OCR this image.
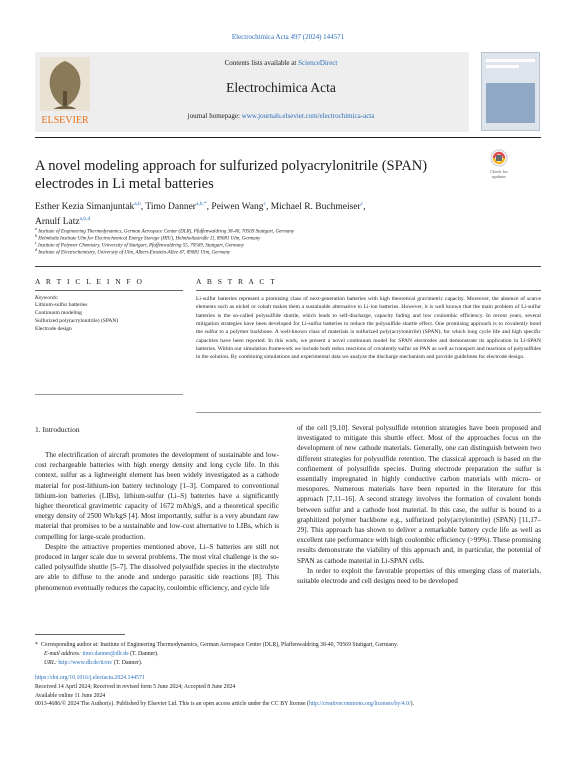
Electrochimica Acta 497 (2024) 144571
ELSEVIER
Contents lists available at ScienceDirect
Electrochimica Acta
journal homepage: www.journals.elsevier.com/electrochimica-acta
A novel modeling approach for sulfurized polyacrylonitrile (SPAN)
electrodes in Li metal batteries
Check for
updates
Esther Kezia Simanjuntak$^{a,b}$, Timo Danner$^{a,b,*}$, Peiwen Wang$^c$, Michael R. Buchmeiser$^c$,
Arnulf Latz$^{a,b,d}$
$^a$ Institute of Engineering Thermodynamics, German Aerospace Center (DLR), Pfaffenwaldring 38-40, 70569 Stuttgart, Germany
$^b$ Helmholtz Institute Ulm for Electrochemical Energy Storage (HIU), Helmholtzstraße 11, 89081 Ulm, Germany
$^c$ Institute of Polymer Chemistry, University of Stuttgart, Pfaffenwaldring 55, 70569, Stuttgart, Germany
$^d$ Institute of Electrochemistry, University of Ulm, Albert-Einstein-Allee 47, 89081 Ulm, Germany
A R T I C L E I N F O
Keywords:
Lithium-sulfur batteries
Continuum modeling
Sulfurized poly(acrylonitrile) (SPAN)
Electrode design
A B S T R A C T
Li-sulfur batteries represent a promising class of next-generation batteries with high theoretical gravimetric capacity. Moreover, the absence of scarce elements such as nickel or cobalt makes them a sustainable alternative to Li-ion batteries. However, it is well known that the main problem of Li-sulfur batteries is the so-called polysulfide shuttle, which leads to self-discharge, capacity fading and low coulombic efficiency. In recent years, several mitigation strategies have been developed for Li-sulfur batteries to reduce the polysulfide shuttle effect. One promising approach is to covalently bond the sulfur to a polymer backbone. A well-known class of materials is sulfurized poly(acrylonitrile) (SPAN), for which long cycle life and high specific capacities have been reported. In this work, we present a novel continuum model for SPAN electrodes and demonstrate its application in Li-SPAN batteries. Within our simulation framework we include both redox reactions of covalently sulfur on PAN as well as transport and reactions of polysulfides in the solution. By combining simulations and experimental data we analyze the discharge mechanism and provide guidelines for electrode design.
1. Introduction

The electrification of aircraft promotes the development of sustainable and low-cost rechargeable batteries with high energy density and long cycle life. In this context, sulfur as a lightweight element has been widely investigated as a cathode material for post-lithium-ion battery technology [1–3]. Compared to conventional lithium-ion batteries (LIBs), lithium-sulfur (Li–S) batteries have a significantly higher theoretical gravimetric capacity of 1672 mAh/gS, and a theoretical specific energy density of 2500 Wh/kgS [4]. Most importantly, sulfur is a very abundant raw material that promises to be a sustainable and low-cost alternative to LIBs, which is compelling for large-scale production.

Despite the attractive properties mentioned above, Li–S batteries are still not produced in larger scale due to several problems. The most vital challenge is the so-called polysulfide shuttle [5–7]. The dissolved polysulfide species in the electrolyte are able to diffuse to the anode and undergo parasitic side reactions [8]. This phenomenon eventually reduces the capacity, coulombic efficiency, and cycle life

of the cell [9,10]. Several polysulfide retention strategies have been proposed and investigated to mitigate this shuttle effect. Most of the approaches focus on the development of new cathode materials. Generally, one can distinguish between two different strategies for polysulfide retention. The classical approach is based on the confinement of polysulfide species. During electrode preparation the sulfur is essentially impregnated in highly conductive carbon materials with micro- or mesopores. Numerous materials have been reported in the literature for this approach [7,11–16]. A second strategy involves the formation of covalent bonds between sulfur and a cathode host material. In this case, the sulfur is bound to a graphitized polymer backbone e.g., sulfurized poly(acrylonitrile) (SPAN) [11,17–29]. This approach has shown to deliver a remarkable battery cycle life as well as excellent rate performance with high coulombic efficiency (>99%). These promising results demonstrate the viability of this approach and, in particular, the potential of SPAN as cathode material in Li-SPAN cells.

In order to exploit the favorable properties of this emerging class of materials, suitable electrode and cell designs need to be developed

* Corresponding author at: Institute of Engineering Thermodynamics, German Aerospace Center (DLR), Pfaffenwaldring 38-40, 70569 Stuttgart, Germany.
E-mail address: timo.danner@dlr.de (T. Danner).
URL: http://www.dlr.de/tt/en/ (T. Danner).
https://doi.org/10.1016/j.electacta.2024.144571
Received 14 April 2024; Received in revised form 5 June 2024; Accepted 8 June 2024
Available online 11 June 2024
0013-4686/© 2024 The Author(s). Published by Elsevier Ltd. This is an open access article under the CC BY license (http://creativecommons.org/licenses/by/4.0/).
